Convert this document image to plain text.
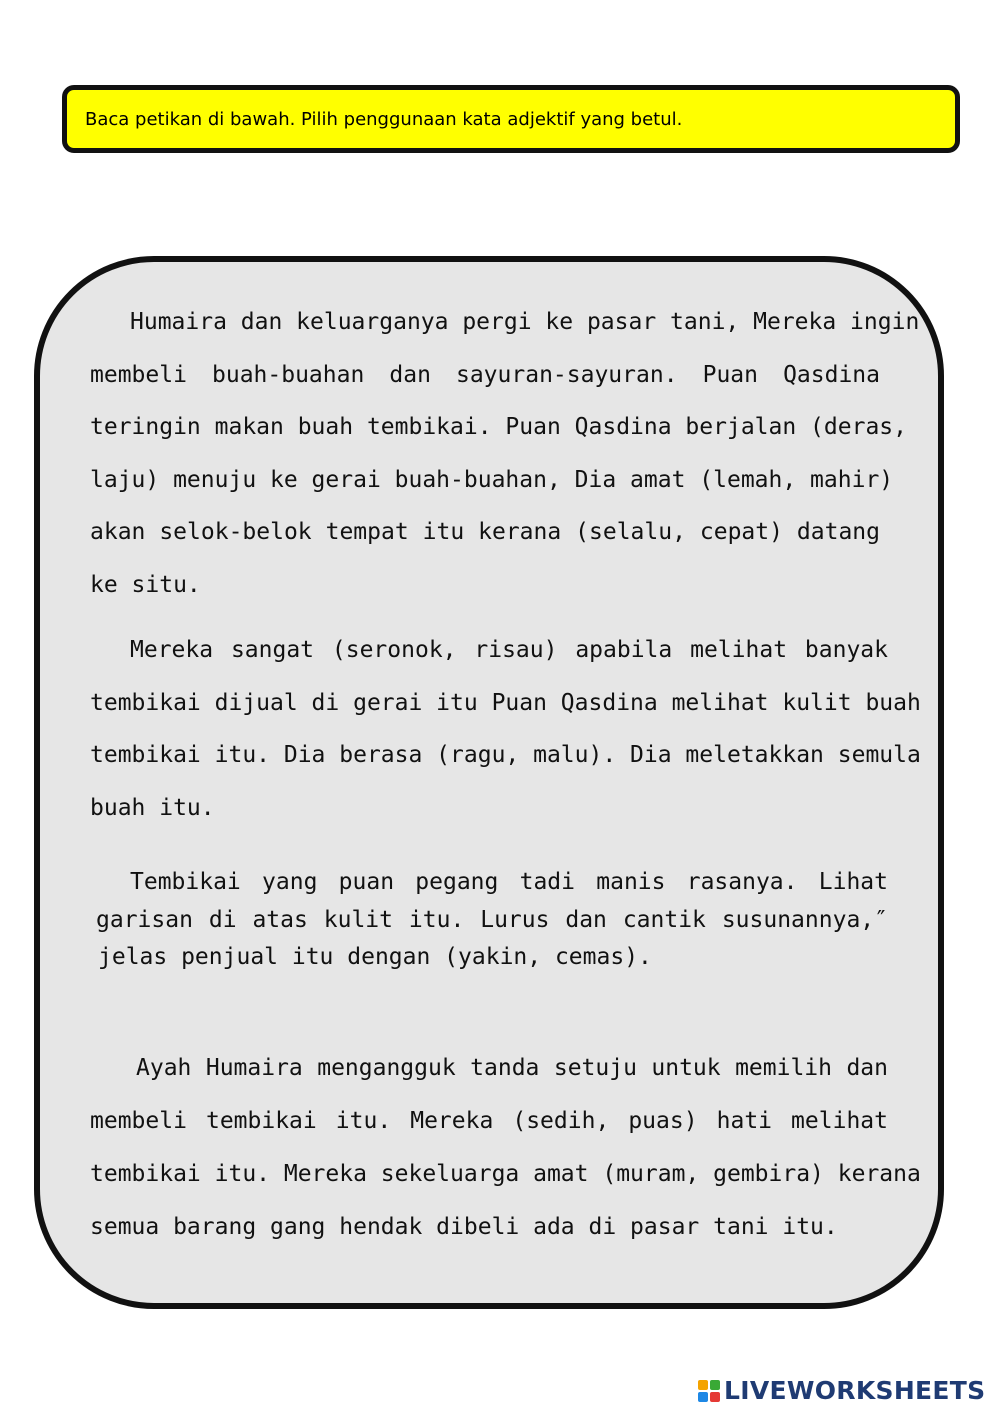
Baca petikan di bawah. Pilih penggunaan kata adjektif yang betul.
Humaira dan keluarganya pergi ke pasar tani, Mereka ingin
membeli buah-buahan dan sayuran-sayuran. Puan Qasdina
teringin makan buah tembikai. Puan Qasdina berjalan (deras,
laju) menuju ke gerai buah-buahan, Dia amat (lemah, mahir)
akan selok-belok tempat itu kerana (selalu, cepat) datang
ke situ.
Mereka sangat (seronok, risau) apabila melihat banyak
tembikai dijual di gerai itu Puan Qasdina melihat kulit buah
tembikai itu. Dia berasa (ragu, malu). Dia meletakkan semula
buah itu.
Tembikai yang puan pegang tadi manis rasanya. Lihat
garisan di atas kulit itu. Lurus dan cantik susunannya,″
jelas penjual itu dengan (yakin, cemas).
Ayah Humaira mengangguk tanda setuju untuk memilih dan
membeli tembikai itu. Mereka (sedih, puas) hati melihat
tembikai itu. Mereka sekeluarga amat (muram, gembira) kerana
semua barang gang hendak dibeli ada di pasar tani itu.
LIVEWORKSHEETS
